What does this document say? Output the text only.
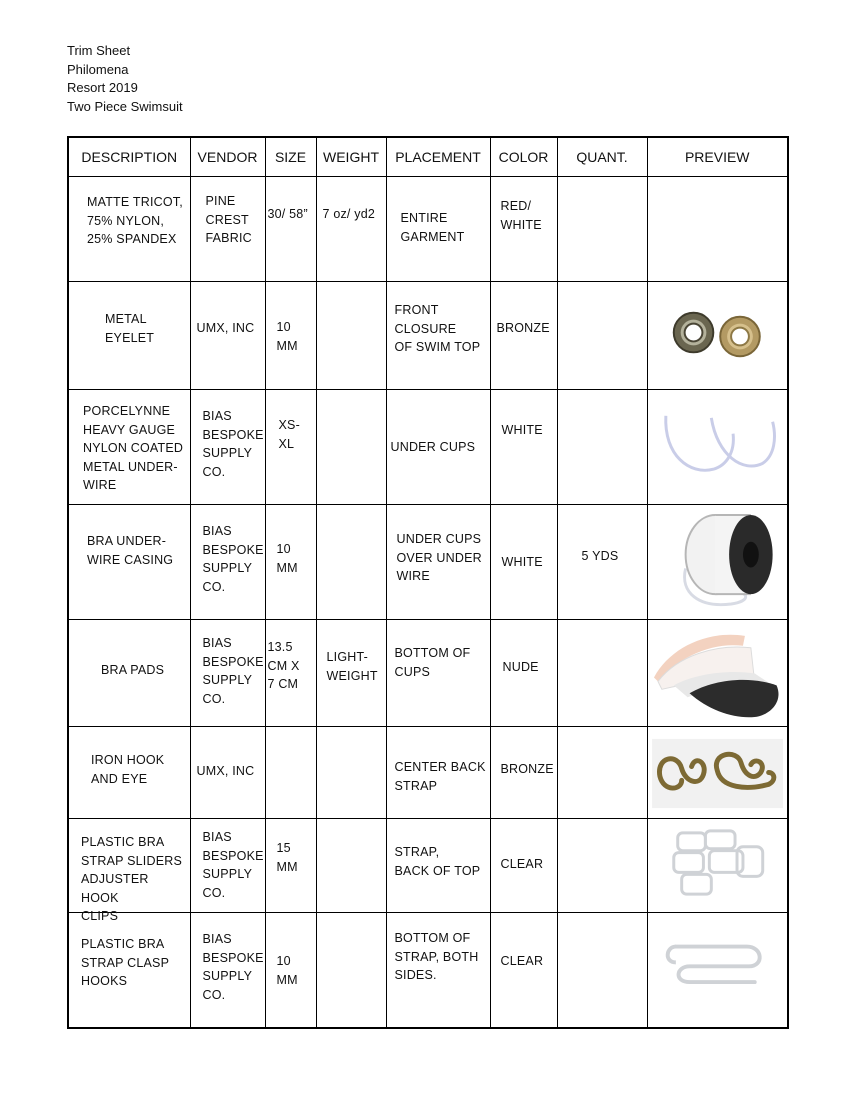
Trim Sheet
Philomena
Resort 2019
Two Piece Swimsuit
DESCRIPTION	VENDOR	SIZE	WEIGHT	PLACEMENT	COLOR	QUANT.	PREVIEW

MATTE TRICOT,
75% NYLON,
25% SPANDEX	PINE
CREST
FABRIC	30/ 58”	7 oz/ yd2	ENTIRE
GARMENT	RED/
WHITE		

METAL
EYELET	UMX, INC	10
MM		FRONT
CLOSURE
OF SWIM TOP	BRONZE

PORCELYNNE
HEAVY GAUGE
NYLON COATED
METAL UNDER-
WIRE	BIAS
BESPOKE
SUPPLY
CO.	XS-
XL		UNDER CUPS	WHITE

BRA UNDER-
WIRE CASING	BIAS
BESPOKE
SUPPLY
CO.	10
MM		UNDER CUPS
OVER UNDER
WIRE	WHITE	5 YDS

BRA PADS	BIAS
BESPOKE
SUPPLY
CO.	13.5
CM X
7 CM	LIGHT-
WEIGHT	BOTTOM OF
CUPS	NUDE

IRON HOOK
AND EYE	UMX, INC			CENTER BACK
STRAP	BRONZE

PLASTIC BRA
STRAP SLIDERS
ADJUSTER HOOK
CLIPS	BIAS
BESPOKE
SUPPLY
CO.	15
MM		STRAP,
BACK OF TOP	CLEAR

PLASTIC BRA
STRAP CLASP
HOOKS	BIAS
BESPOKE
SUPPLY
CO.	10
MM		BOTTOM OF
STRAP, BOTH
SIDES.	CLEAR
